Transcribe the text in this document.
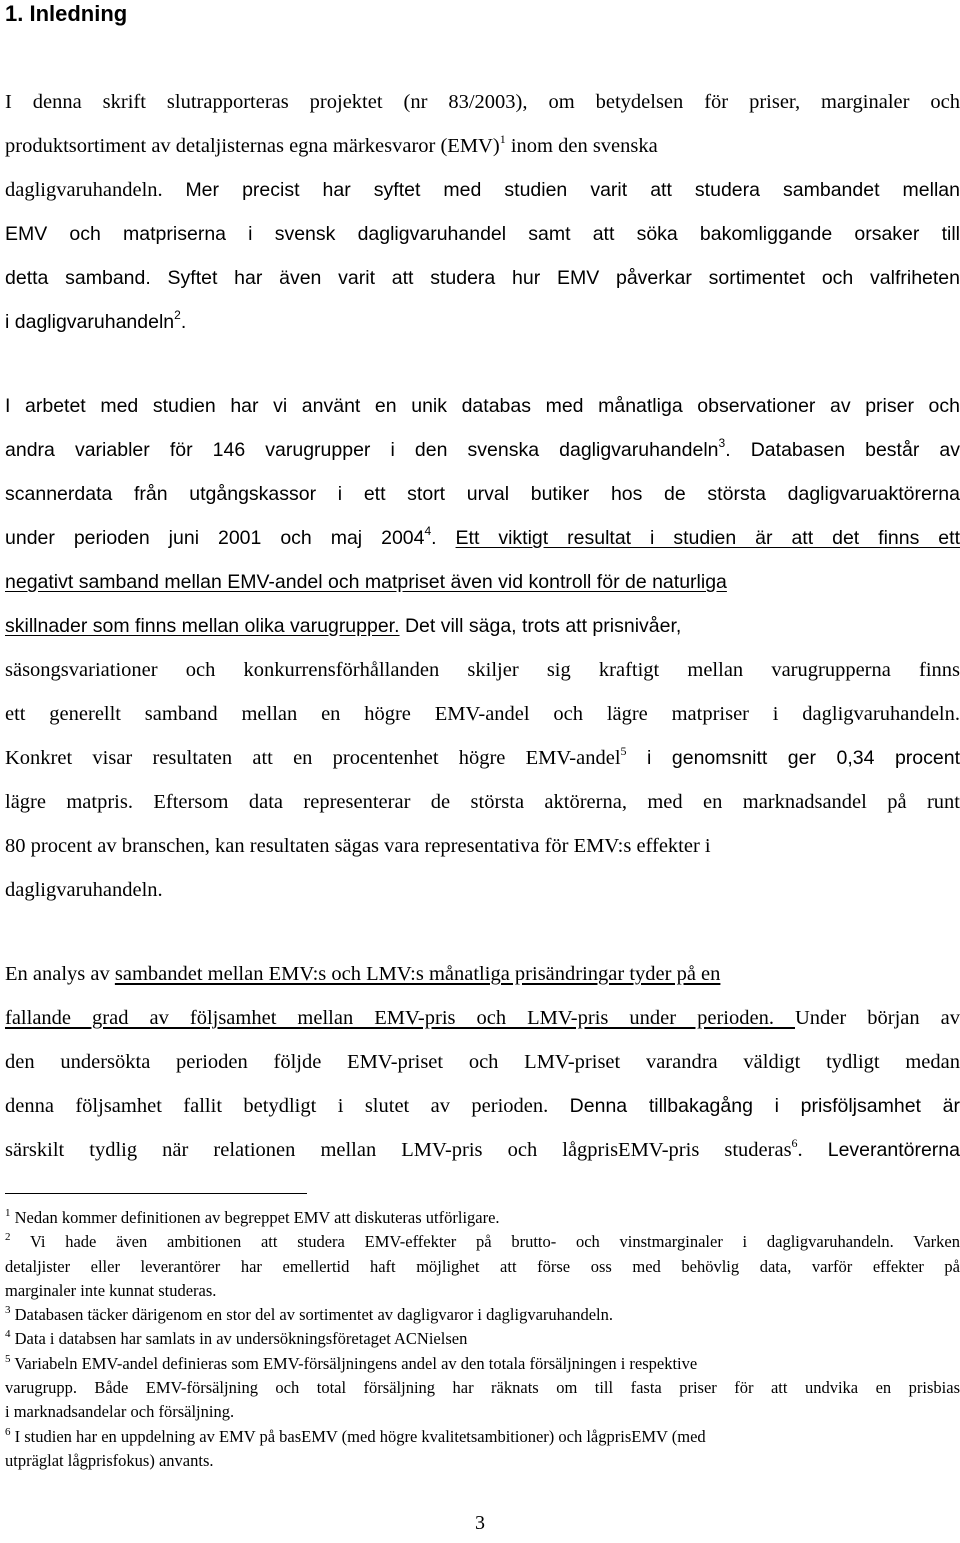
1. Inledning
I denna skrift slutrapporteras projektet (nr 83/2003), om betydelsen för priser, marginaler och
produktsortiment av detaljisternas egna märkesvaror (EMV)$^1$ inom den svenska
dagligvaruhandeln. Mer precist har syftet med studien varit att studera sambandet mellan
EMV och matpriserna i svensk dagligvaruhandel samt att söka bakomliggande orsaker till
detta samband. Syftet har även varit att studera hur EMV påverkar sortimentet och valfriheten
i dagligvaruhandeln$^2$.
I arbetet med studien har vi använt en unik databas med månatliga observationer av priser och
andra variabler för 146 varugrupper i den svenska dagligvaruhandeln$^3$. Databasen består av
scannerdata från utgångskassor i ett stort urval butiker hos de största dagligvaruaktörerna
under perioden juni 2001 och maj 2004$^4$. Ett viktigt resultat i studien är att det finns ett
negativt samband mellan EMV-andel och matpriset även vid kontroll för de naturliga
skillnader som finns mellan olika varugrupper. Det vill säga, trots att prisnivåer,
säsongsvariationer och konkurrensförhållanden skiljer sig kraftigt mellan varugrupperna finns
ett generellt samband mellan en högre EMV-andel och lägre matpriser i dagligvaruhandeln.
Konkret visar resultaten att en procentenhet högre EMV-andel$^5$ i genomsnitt ger 0,34 procent
lägre matpris. Eftersom data representerar de största aktörerna, med en marknadsandel på runt
80 procent av branschen, kan resultaten sägas vara representativa för EMV:s effekter i
dagligvaruhandeln.
En analys av sambandet mellan EMV:s och LMV:s månatliga prisändringar tyder på en
fallande grad av följsamhet mellan EMV-pris och LMV-pris under perioden. Under början av
den undersökta perioden följde EMV-priset och LMV-priset varandra väldigt tydligt medan
denna följsamhet fallit betydligt i slutet av perioden. Denna tillbakagång i prisföljsamhet är
särskilt tydlig när relationen mellan LMV-pris och lågprisEMV-pris studeras$^6$. Leverantörerna
$^1$ Nedan kommer definitionen av begreppet EMV att diskuteras utförligare.
$^2$ Vi hade även ambitionen att studera EMV-effekter på brutto- och vinstmarginaler i dagligvaruhandeln. Varken
detaljister eller leverantörer har emellertid haft möjlighet att förse oss med behövlig data, varför effekter på
marginaler inte kunnat studeras.
$^3$ Databasen täcker därigenom en stor del av sortimentet av dagligvaror i dagligvaruhandeln.
$^4$ Data i databsen har samlats in av undersökningsföretaget ACNielsen
$^5$ Variabeln EMV-andel definieras som EMV-försäljningens andel av den totala försäljningen i respektive
varugrupp. Både EMV-försäljning och total försäljning har räknats om till fasta priser för att undvika en prisbias
i marknadsandelar och försäljning.
$^6$ I studien har en uppdelning av EMV på basEMV (med högre kvalitetsambitioner) och lågprisEMV (med
utpräglat lågprisfokus) anvants.
3
